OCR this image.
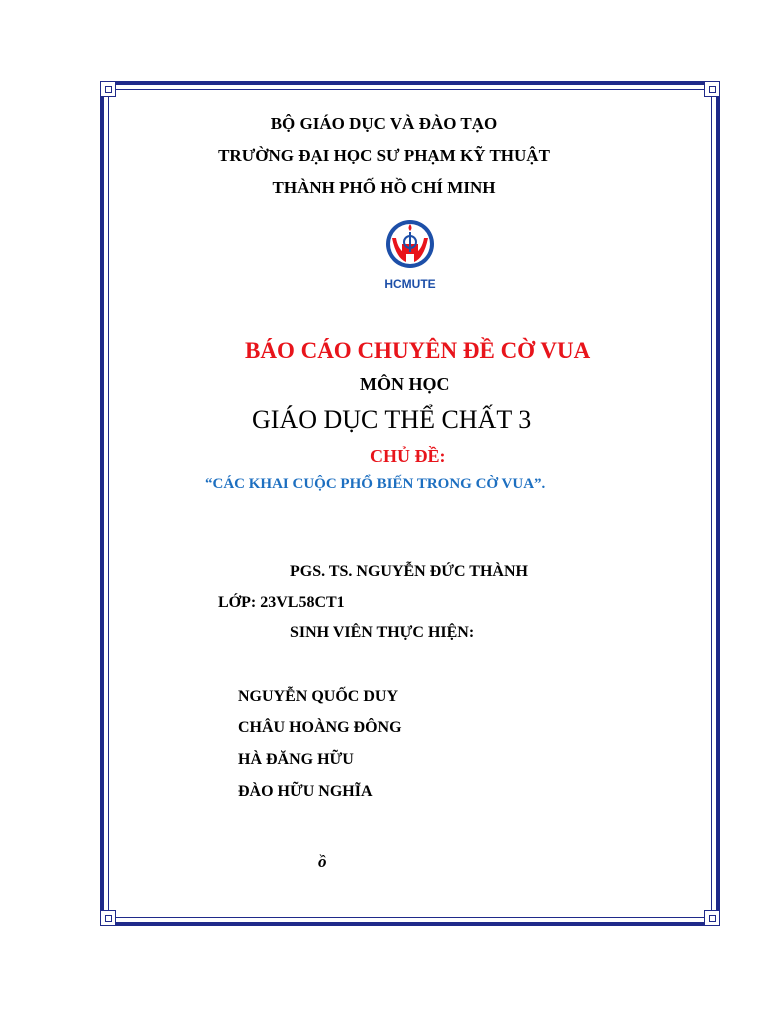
BỘ GIÁO DỤC VÀ ĐÀO TẠO
TRƯỜNG ĐẠI HỌC SƯ PHẠM KỸ THUẬT
THÀNH PHỐ HỒ CHÍ MINH
HCMUTE
BÁO CÁO CHUYÊN ĐỀ CỜ VUA
MÔN HỌC
GIÁO DỤC THỂ CHẤT 3
CHỦ ĐỀ:
“CÁC KHAI CUỘC PHỔ BIẾN TRONG CỜ VUA”.
PGS. TS. NGUYỄN ĐỨC THÀNH
LỚP: 23VL58CT1
SINH VIÊN THỰC HIỆN:
NGUYỄN QUỐC DUY
CHÂU HOÀNG ĐÔNG
HÀ ĐĂNG HỮU
ĐÀO HỮU NGHĨA
ồ
